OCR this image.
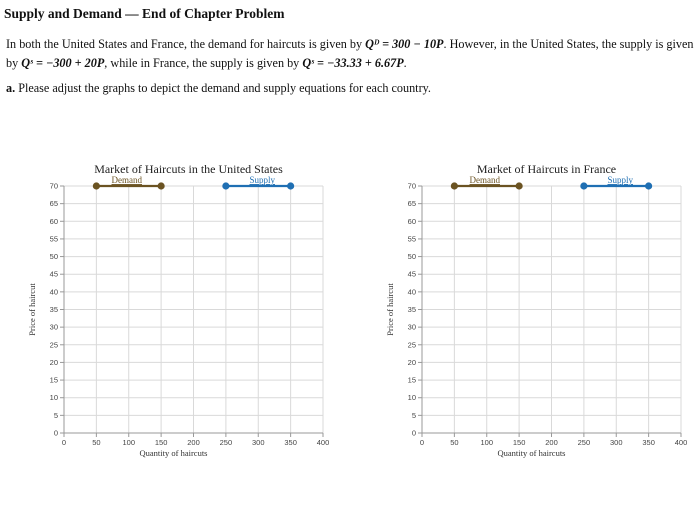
Supply and Demand — End of Chapter Problem
In both the United States and France, the demand for haircuts is given by Qᴰ = 300 − 10P. However, in the United States, the supply is given by Qˢ = −300 + 20P, while in France, the supply is given by Qˢ = −33.33 + 6.67P.
a. Please adjust the graphs to depict the demand and supply equations for each country.
Market of Haircuts in the United States
0
5
10
15
20
25
30
35
40
45
50
55
60
65
70
0	50	100	150	200	250	300	350	400
Quantity of haircuts
Price of haircut
Demand	Supply
Market of Haircuts in France
0
5
10
15
20
25
30
35
40
45
50
55
60
65
70
0	50	100	150	200	250	300	350	400
Quantity of haircuts
Price of haircut
Demand	Supply
